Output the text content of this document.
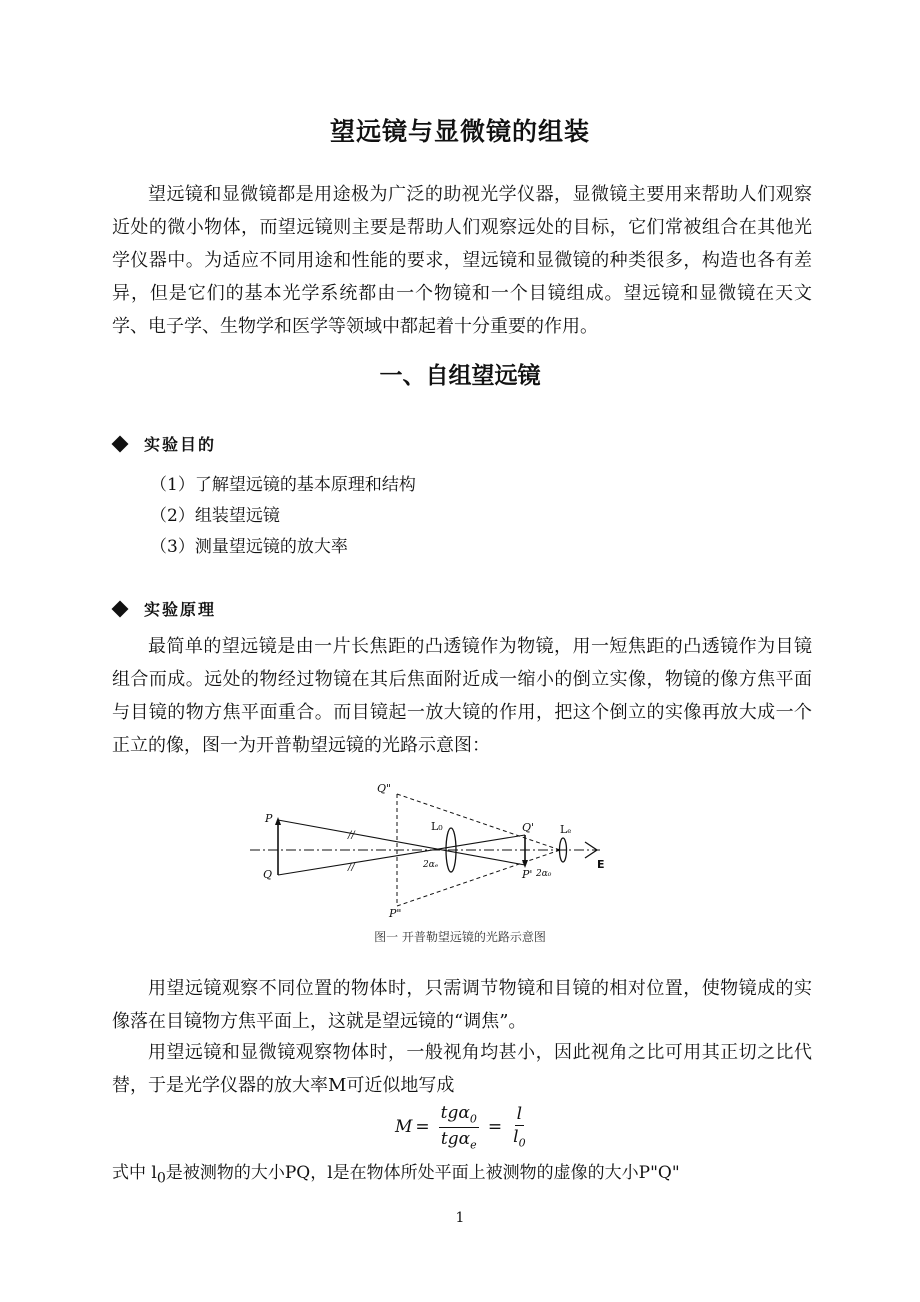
望远镜与显微镜的组装

望远镜和显微镜都是用途极为广泛的助视光学仪器，显微镜主要用来帮助人们观察近处的微小物体，而望远镜则主要是帮助人们观察远处的目标，它们常被组合在其他光学仪器中。为适应不同用途和性能的要求，望远镜和显微镜的种类很多，构造也各有差异，但是它们的基本光学系统都由一个物镜和一个目镜组成。望远镜和显微镜在天文学、电子学、生物学和医学等领域中都起着十分重要的作用。

一、自组望远镜
实验目的
（1）了解望远镜的基本原理和结构
（2）组装望远镜
（3）测量望远镜的放大率
实验原理

最简单的望远镜是由一片长焦距的凸透镜作为物镜，用一短焦距的凸透镜作为目镜组合而成。远处的物经过物镜在其后焦面附近成一缩小的倒立实像，物镜的像方焦平面与目镜的物方焦平面重合。而目镜起一放大镜的作用，把这个倒立的实像再放大成一个正立的像，图一为开普勒望远镜的光路示意图：

//
//
Q"
P"
P
Q
L₀
2αₑ
Q'
P' 2α₀
Lₑ
E
图一 开普勒望远镜的光路示意图

用望远镜观察不同位置的物体时，只需调节物镜和目镜的相对位置，使物镜成的实像落在目镜物方焦平面上，这就是望远镜的“调焦”。

用望远镜和显微镜观察物体时，一般视角均甚小，因此视角之比可用其正切之比代替，于是光学仪器的放大率M可近似地写成

$M = \frac{tg\alpha_0}{tg\alpha_e} = \frac{l}{l_0}$
式中 $l_0$是被测物的大小PQ，l是在物体所处平面上被测物的虚像的大小P"Q"
1
